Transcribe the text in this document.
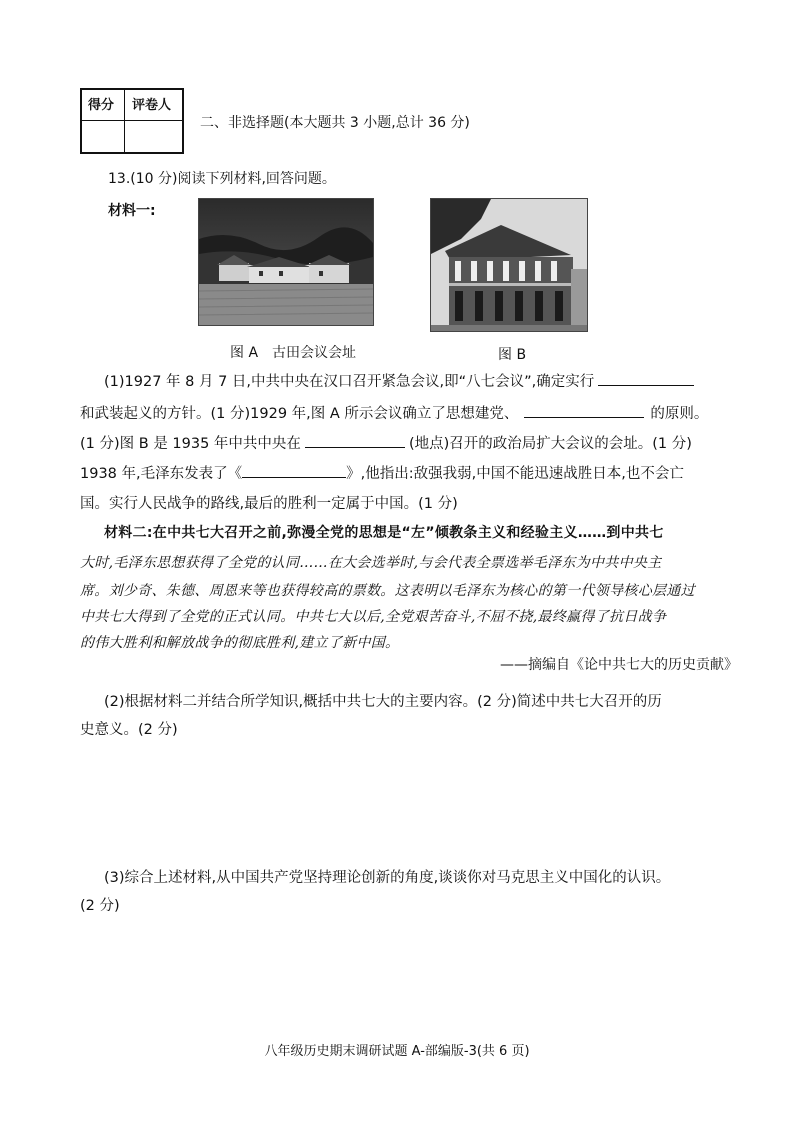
得分 评卷人
二、非选择题(本大题共 3 小题,总计 36 分)
13.(10 分)阅读下列材料,回答问题。
材料一:
图 A　古田会议会址	图 B
(1)1927 年 8 月 7 日,中共中央在汉口召开紧急会议,即“八七会议”,确定实行
和武装起义的方针。(1 分)1929 年,图 A 所示会议确立了思想建党、	的原则。
(1 分)图 B 是 1935 年中共中央在	(地点)召开的政治局扩大会议的会址。(1 分)
1938 年,毛泽东发表了《	》,他指出:敌强我弱,中国不能迅速战胜日本,也不会亡
国。实行人民战争的路线,最后的胜利一定属于中国。(1 分)
材料二:在中共七大召开之前,弥漫全党的思想是“左”倾教条主义和经验主义……到中共七
大时,毛泽东思想获得了全党的认同……在大会选举时,与会代表全票选举毛泽东为中共中央主
席。刘少奇、朱德、周恩来等也获得较高的票数。这表明以毛泽东为核心的第一代领导核心层通过
中共七大得到了全党的正式认同。中共七大以后,全党艰苦奋斗,不屈不挠,最终赢得了抗日战争
的伟大胜利和解放战争的彻底胜利,建立了新中国。
——摘编自《论中共七大的历史贡献》
(2)根据材料二并结合所学知识,概括中共七大的主要内容。(2 分)简述中共七大召开的历
史意义。(2 分)
(3)综合上述材料,从中国共产党坚持理论创新的角度,谈谈你对马克思主义中国化的认识。
(2 分)
八年级历史期末调研试题 A-部编版-3(共 6 页)
